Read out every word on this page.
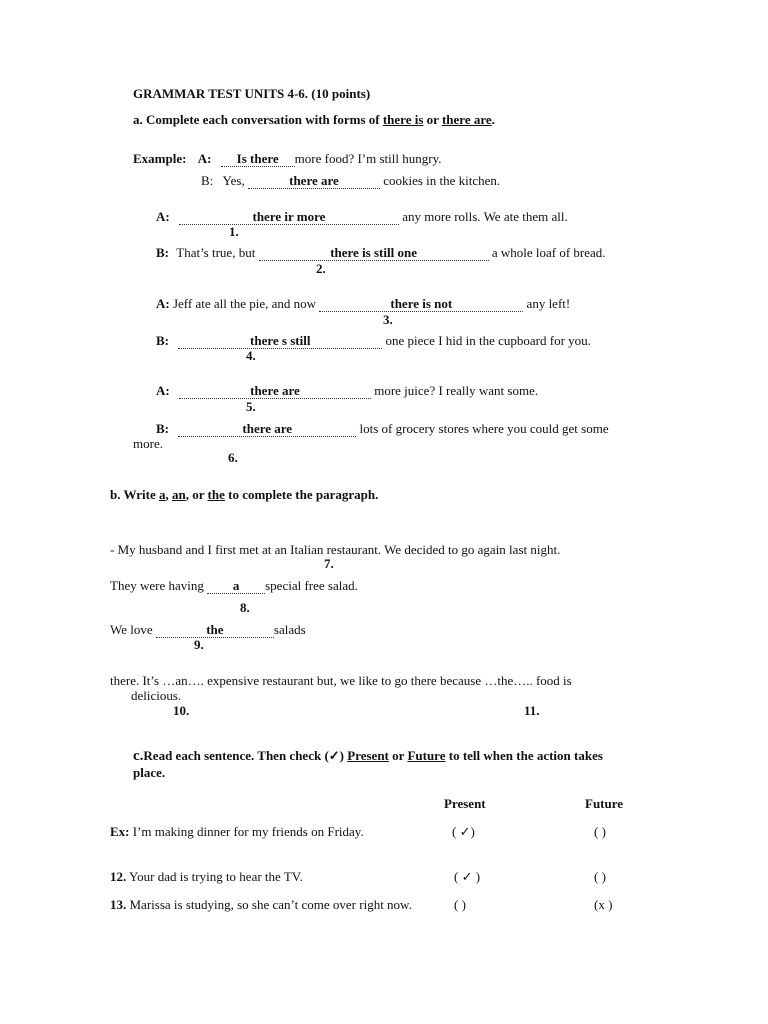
GRAMMAR TEST UNITS 4-6. (10 points)
a. Complete each conversation with forms of there is or there are.
Example: A: Is there more food? I’m still hungry.
B: Yes,	there are	cookies in the kitchen.
A:	there ir more	any more rolls. We ate them all.
1.
B: That’s true, but	there is still one	a whole loaf of bread.
2.
A: Jeff ate all the pie, and now	there is not	any left!
3.
B:	there s still	one piece I hid in the cupboard for you.
4.
A:	there are	more juice? I really want some.
5.
B:	there are	lots of grocery stores where you could get some
more.
6.
b. Write a, an, or the to complete the paragraph.
- My husband and I first met at an Italian restaurant. We decided to go again last night.
7.
They were having a special free salad.
8.
We love	the	salads
9.
there. It’s …an…. expensive restaurant but, we like to go there because …the….. food is
delicious.
10.	11.
c.Read each sentence. Then check (✓) Present or Future to tell when the action takes
place.
Present	Future
Ex: I’m making dinner for my friends on Friday.	( ✓)	( )
12. Your dad is trying to hear the TV.	( ✓ )	( )
13. Marissa is studying, so she can’t come over right now.	( )	(x )
